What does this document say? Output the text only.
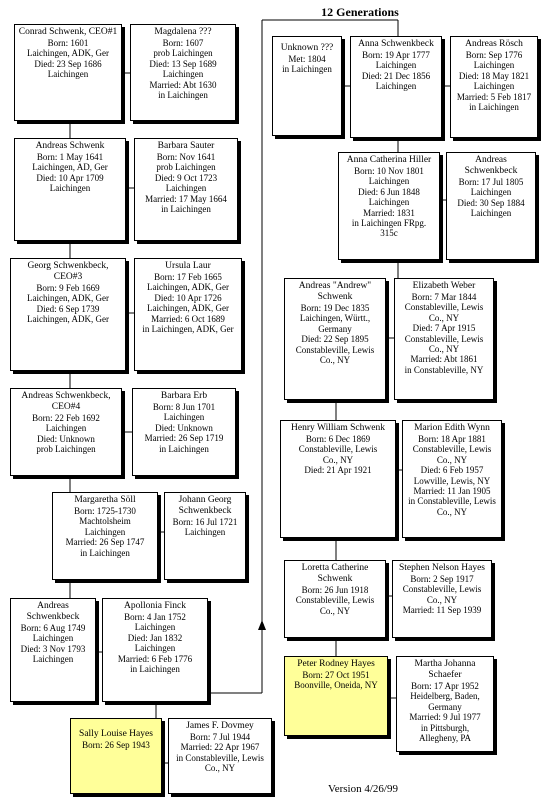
12 Generations
Conrad Schwenk, CEO#1
Born: 1601
Laichingen, ADK, Ger
Died: 23 Sep 1686
Laichingen
Magdalena ???
Born: 1607
prob Laichingen
Died: 13 Sep 1689
Laichingen
Married: Abt 1630
in Laichingen
Andreas Schwenk
Born: 1 May 1641
Laichingen, AD, Ger
Died: 10 Apr 1709
Laichingen
Barbara Sauter
Born: Nov 1641
prob Laichingen
Died: 9 Oct 1723
Laichingen
Married: 17 May 1664
in Laichingen
Georg Schwenkbeck, CEO#3
Born: 9 Feb 1669
Laichingen, ADK, Ger
Died: 6 Sep 1739
Laichingen, ADK, Ger
Ursula Laur
Born: 17 Feb 1665
Laichingen, ADK, Ger
Died: 10 Apr 1726
Laichingen, ADK, Ger
Married: 6 Oct 1689
in Laichingen, ADK, Ger
Andreas Schwenkbeck, CEO#4
Born: 22 Feb 1692
Laichingen
Died: Unknown
prob Laichingen
Barbara Erb
Born: 8 Jun 1701
Laichingen
Died: Unknown
Married: 26 Sep 1719
in Laichingen
Margaretha Söll
Born: 1725-1730
Machtolsheim
Laichingen
Married: 26 Sep 1747
in Laichingen
Johann Georg Schwenkbeck
Born: 16 Jul 1721
Laichingen
Andreas Schwenkbeck
Born: 6 Aug 1749
Laichingen
Died: 3 Nov 1793
Laichingen
Apollonia Finck
Born: 4 Jan 1752
Laichingen
Died: Jan 1832
Laichingen
Married: 6 Feb 1776
in Laichingen
Sally Louise Hayes
Born: 26 Sep 1943
James F. Dovmey
Born: 7 Jul 1944
Married: 22 Apr 1967
in Constableville, Lewis
Co., NY
Unknown ???
Met: 1804
in Laichingen
Anna Schwenkbeck
Born: 19 Apr 1777
Laichingen
Died: 21 Dec 1856
Laichingen
Andreas Rösch
Born: Sep 1776
Laichingen
Died: 18 May 1821
Laichingen
Married: 5 Feb 1817
in Laichingen
Anna Catherina Hiller
Born: 10 Nov 1801
Laichingen
Died: 6 Jun 1848
Laichingen
Married: 1831
in Laichingen FRpg.
315c
Andreas Schwenkbeck
Born: 17 Jul 1805
Laichingen
Died: 30 Sep 1884
Laichingen
Andreas "Andrew" Schwenk
Born: 19 Dec 1835
Laichingen, Württ.,
Germany
Died: 22 Sep 1895
Constableville, Lewis
Co., NY
Elizabeth Weber
Born: 7 Mar 1844
Constableville, Lewis
Co., NY
Died: 7 Apr 1915
Constableville, Lewis
Co., NY
Married: Abt 1861
in Constableville, NY
Henry William Schwenk
Born: 6 Dec 1869
Constableville, Lewis
Co., NY
Died: 21 Apr 1921
Marion Edith Wynn
Born: 18 Apr 1881
Constableville, Lewis
Co., NY
Died: 6 Feb 1957
Lowville, Lewis, NY
Married: 11 Jan 1905
in Constableville, Lewis
Co., NY
Loretta Catherine Schwenk
Born: 26 Jun 1918
Constableville, Lewis
Co., NY
Stephen Nelson Hayes
Born: 2 Sep 1917
Constableville, Lewis
Co., NY
Married: 11 Sep 1939
Peter Rodney Hayes
Born: 27 Oct 1951
Boonville, Oneida, NY
Martha Johanna Schaefer
Born: 17 Apr 1952
Heidelberg, Baden,
Germany
Married: 9 Jul 1977
in Pittsburgh,
Allegheny, PA
Version 4/26/99
